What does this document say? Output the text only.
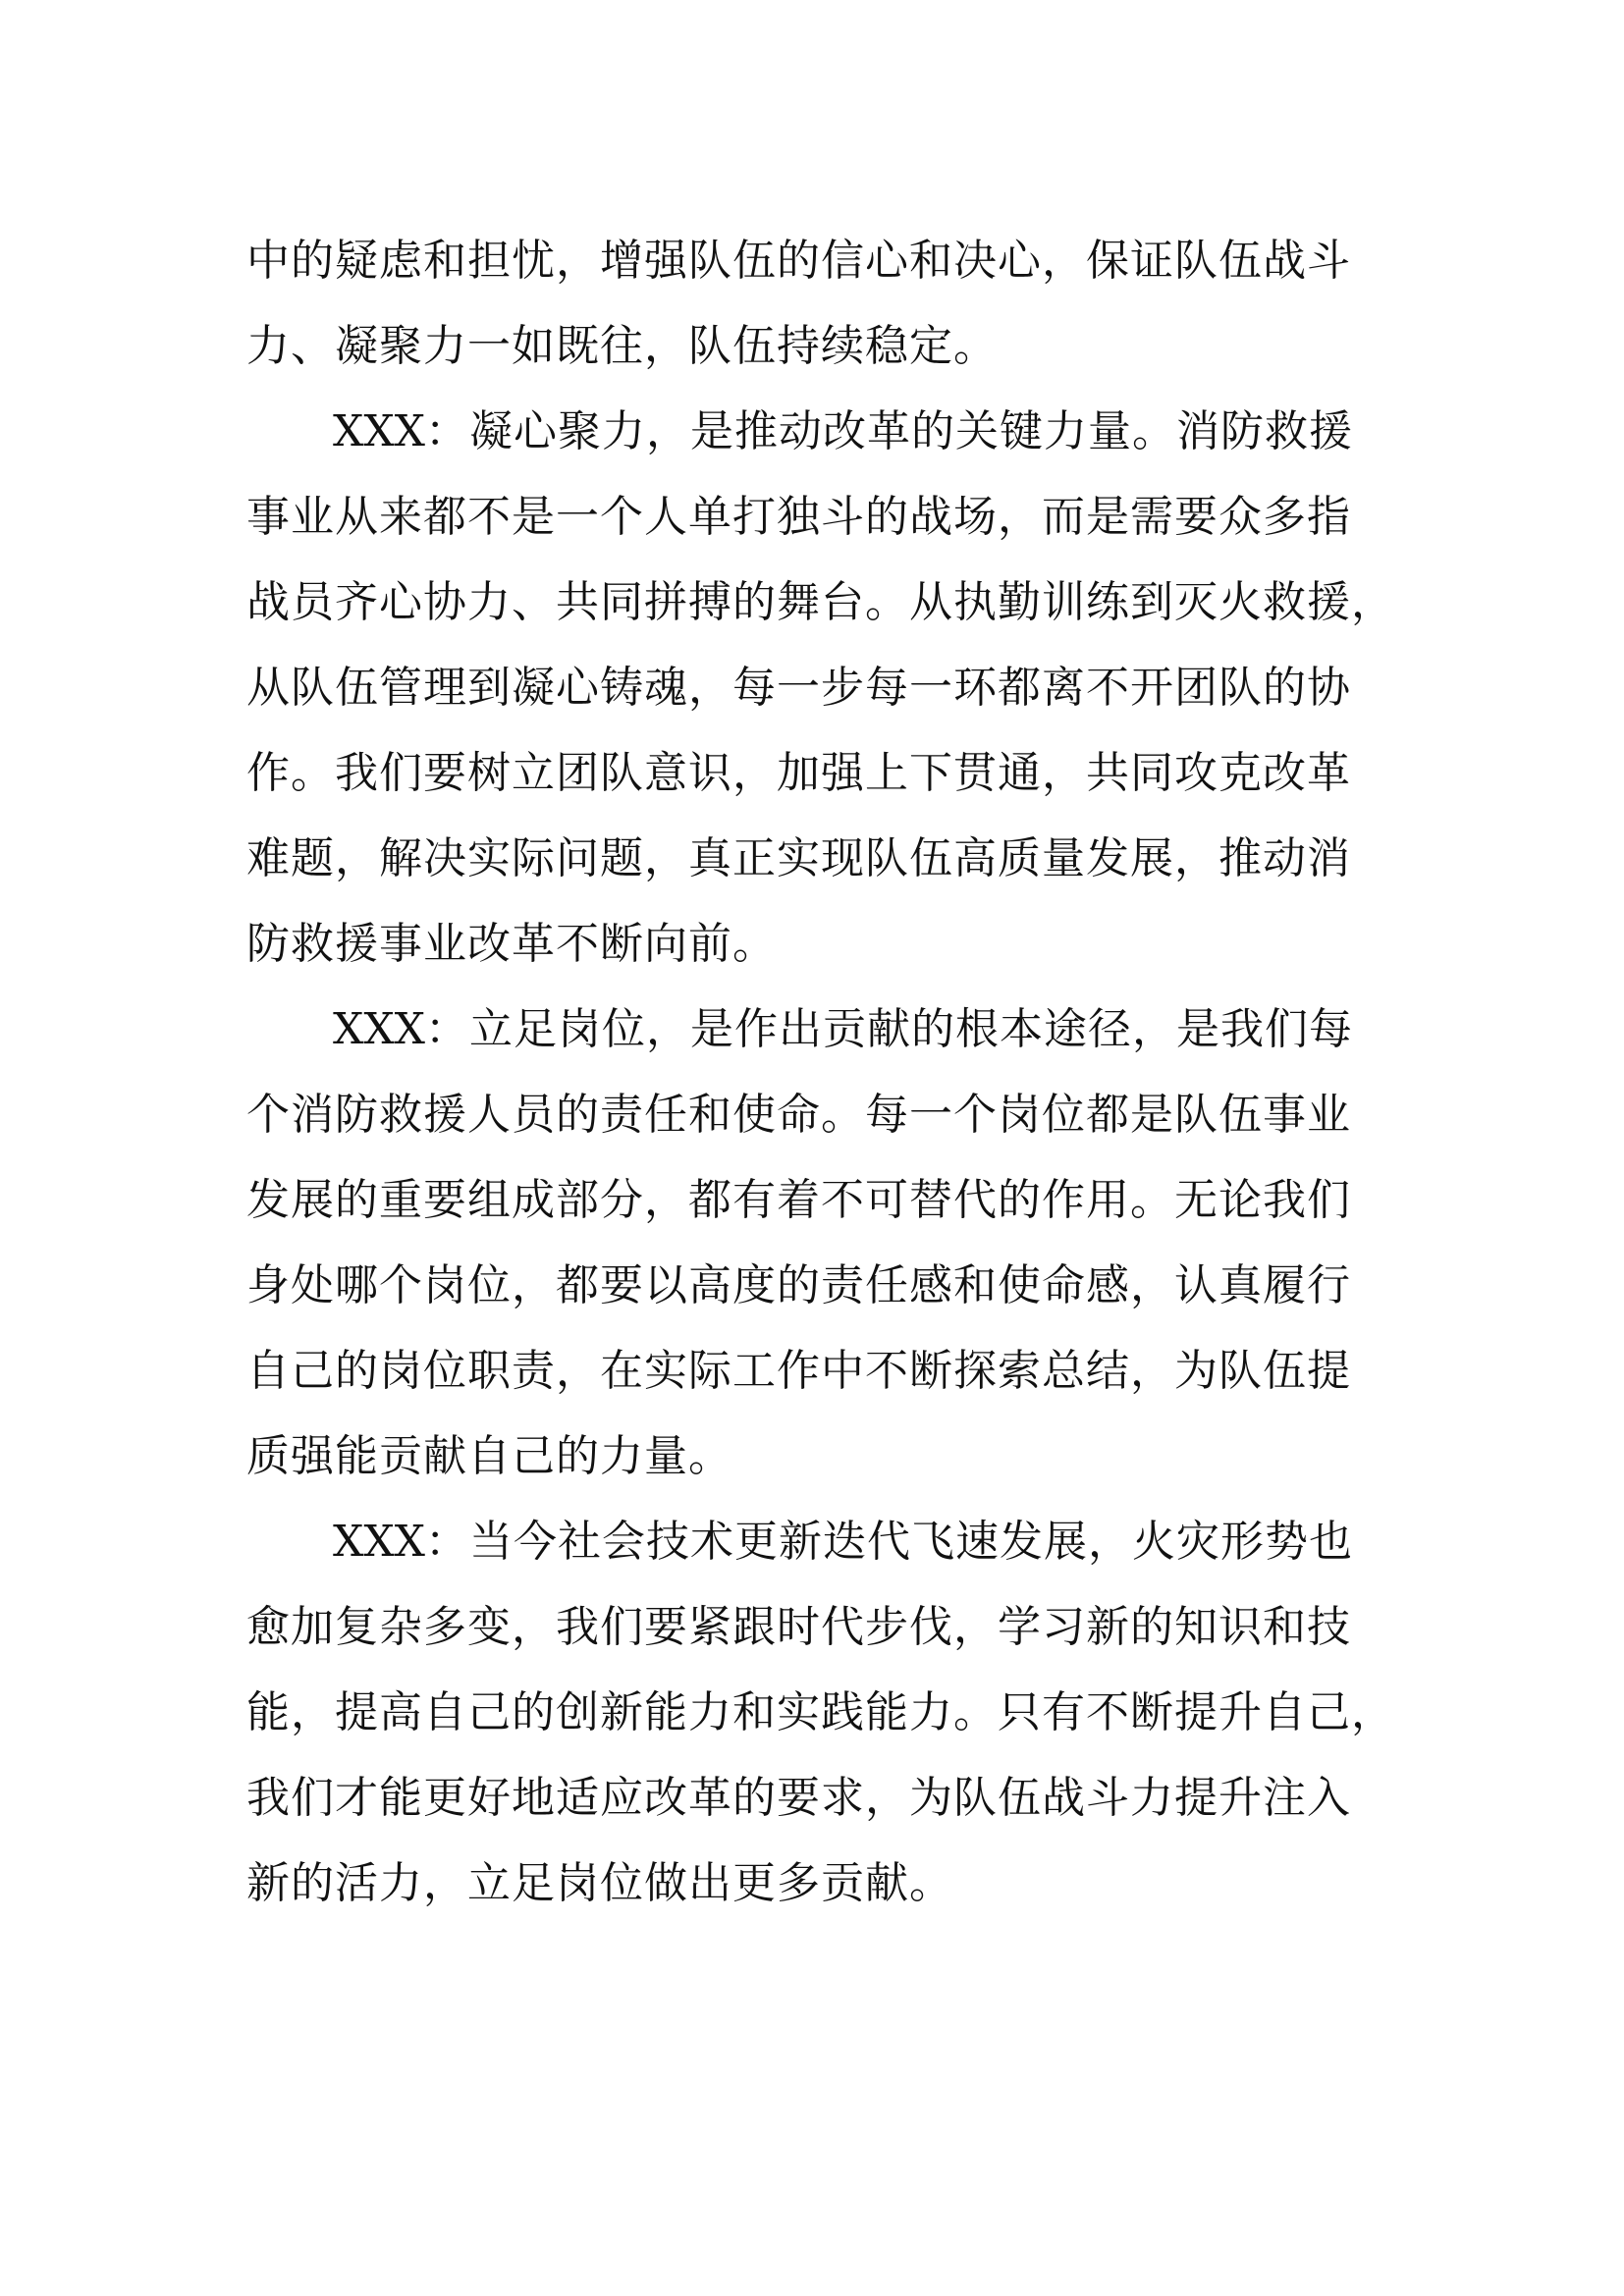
中的疑虑和担忧，增强队伍的信心和决心，保证队伍战斗
力、凝聚力一如既往，队伍持续稳定。
XXX：凝心聚力，是推动改革的关键力量。消防救援
事业从来都不是一个人单打独斗的战场，而是需要众多指
战员齐心协力、共同拼搏的舞台。从执勤训练到灭火救援，
从队伍管理到凝心铸魂，每一步每一环都离不开团队的协
作。我们要树立团队意识，加强上下贯通，共同攻克改革
难题，解决实际问题，真正实现队伍高质量发展，推动消
防救援事业改革不断向前。
XXX：立足岗位，是作出贡献的根本途径，是我们每
个消防救援人员的责任和使命。每一个岗位都是队伍事业
发展的重要组成部分，都有着不可替代的作用。无论我们
身处哪个岗位，都要以高度的责任感和使命感，认真履行
自己的岗位职责，在实际工作中不断探索总结，为队伍提
质强能贡献自己的力量。
XXX：当今社会技术更新迭代飞速发展，火灾形势也
愈加复杂多变，我们要紧跟时代步伐，学习新的知识和技
能，提高自己的创新能力和实践能力。只有不断提升自己，
我们才能更好地适应改革的要求，为队伍战斗力提升注入
新的活力，立足岗位做出更多贡献。
